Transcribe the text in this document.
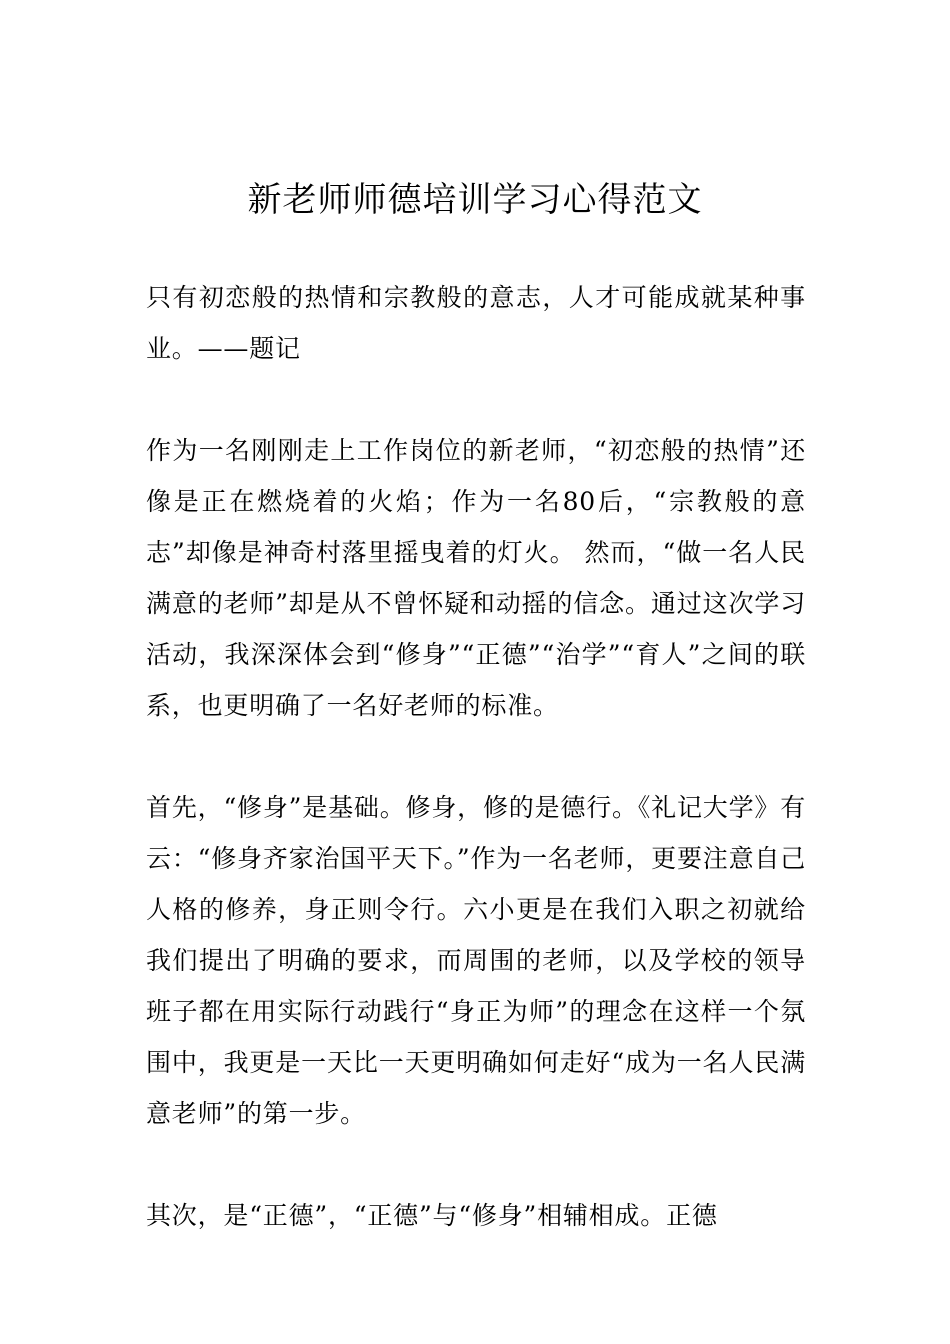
新老师师德培训学习心得范文

只有初恋般的热情和宗教般的意志，人才可能成就某种事业。——题记

作为一名刚刚走上工作岗位的新老师，“初恋般的热情”还像是正在燃烧着的火焰；作为一名80后，“宗教般的意志”却像是神奇村落里摇曳着的灯火。 然而，“做一名人民满意的老师”却是从不曾怀疑和动摇的信念。通过这次学习活动，我深深体会到“修身”“正德”“治学”“育人”之间的联系，也更明确了一名好老师的标准。

首先，“修身”是基础。修身，修的是德行。《礼记大学》有云：“修身齐家治国平天下。”作为一名老师，更要注意自己人格的修养，身正则令行。六小更是在我们入职之初就给我们提出了明确的要求，而周围的老师，以及学校的领导班子都在用实际行动践行“身正为师”的理念在这样一个氛围中，我更是一天比一天更明确如何走好“成为一名人民满意老师”的第一步。

其次，是“正德”，“正德”与“修身”相辅相成。正德
